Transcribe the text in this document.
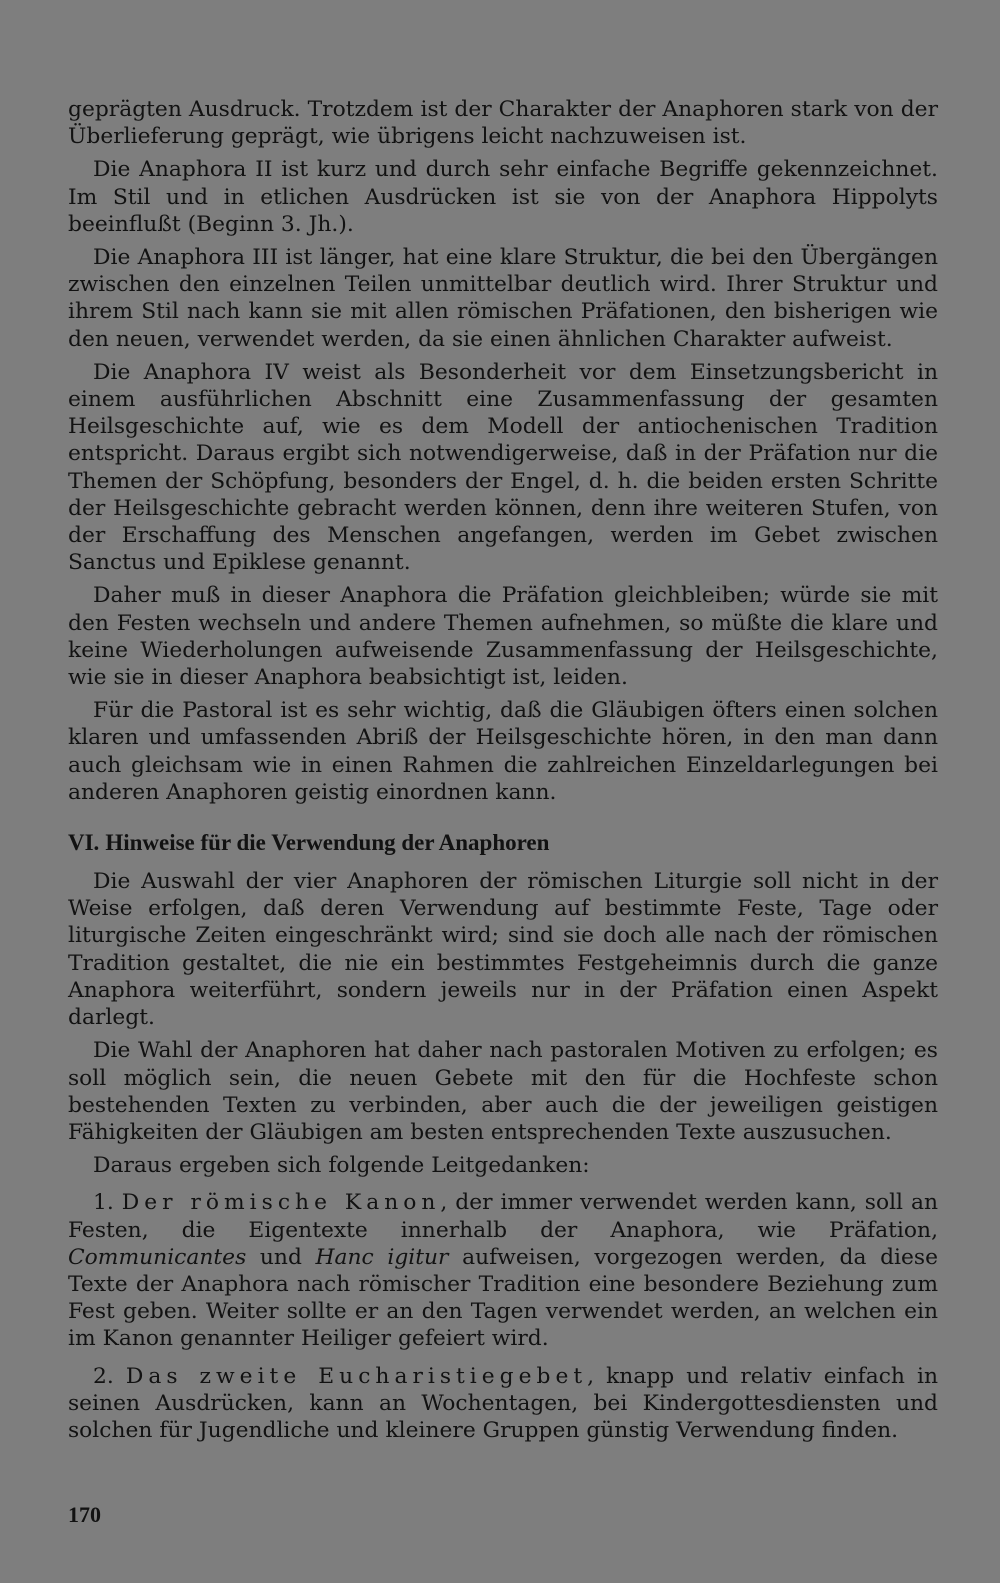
geprägten Ausdruck. Trotzdem ist der Charakter der Anaphoren stark von der Überlieferung geprägt, wie übrigens leicht nachzuweisen ist.

Die Anaphora II ist kurz und durch sehr einfache Begriffe gekennzeichnet. Im Stil und in etlichen Ausdrücken ist sie von der Anaphora Hippolyts beeinflußt (Beginn 3. Jh.).

Die Anaphora III ist länger, hat eine klare Struktur, die bei den Übergängen zwischen den einzelnen Teilen unmittelbar deutlich wird. Ihrer Struktur und ihrem Stil nach kann sie mit allen römischen Präfationen, den bisherigen wie den neuen, verwendet werden, da sie einen ähnlichen Charakter aufweist.

Die Anaphora IV weist als Besonderheit vor dem Einsetzungsbericht in einem ausführlichen Abschnitt eine Zusammenfassung der gesamten Heilsgeschichte auf, wie es dem Modell der antiochenischen Tradition entspricht. Daraus ergibt sich notwendigerweise, daß in der Präfation nur die Themen der Schöpfung, besonders der Engel, d. h. die beiden ersten Schritte der Heilsgeschichte gebracht werden können, denn ihre weiteren Stufen, von der Erschaffung des Menschen angefangen, werden im Gebet zwischen Sanctus und Epiklese genannt.

Daher muß in dieser Anaphora die Präfation gleichbleiben; würde sie mit den Festen wechseln und andere Themen aufnehmen, so müßte die klare und keine Wiederholungen aufweisende Zusammenfassung der Heilsgeschichte, wie sie in dieser Anaphora beabsichtigt ist, leiden.

Für die Pastoral ist es sehr wichtig, daß die Gläubigen öfters einen solchen klaren und umfassenden Abriß der Heilsgeschichte hören, in den man dann auch gleichsam wie in einen Rahmen die zahlreichen Einzeldarlegungen bei anderen Anaphoren geistig einordnen kann.

VI. Hinweise für die Verwendung der Anaphoren

Die Auswahl der vier Anaphoren der römischen Liturgie soll nicht in der Weise erfolgen, daß deren Verwendung auf bestimmte Feste, Tage oder liturgische Zeiten eingeschränkt wird; sind sie doch alle nach der römischen Tradition gestaltet, die nie ein bestimmtes Festgeheimnis durch die ganze Anaphora weiterführt, sondern jeweils nur in der Präfation einen Aspekt darlegt.

Die Wahl der Anaphoren hat daher nach pastoralen Motiven zu erfolgen; es soll möglich sein, die neuen Gebete mit den für die Hochfeste schon bestehenden Texten zu verbinden, aber auch die der jeweiligen geistigen Fähigkeiten der Gläubigen am besten entsprechenden Texte auszusuchen.

Daraus ergeben sich folgende Leitgedanken:

1. Der römische Kanon, der immer verwendet werden kann, soll an Festen, die Eigentexte innerhalb der Anaphora, wie Präfation, Communicantes und Hanc igitur aufweisen, vorgezogen werden, da diese Texte der Anaphora nach römischer Tradition eine besondere Beziehung zum Fest geben. Weiter sollte er an den Tagen verwendet werden, an welchen ein im Kanon genannter Heiliger gefeiert wird.

2. Das zweite Eucharistiegebet, knapp und relativ einfach in seinen Ausdrücken, kann an Wochentagen, bei Kindergottesdiensten und solchen für Jugendliche und kleinere Gruppen günstig Verwendung finden.

170
